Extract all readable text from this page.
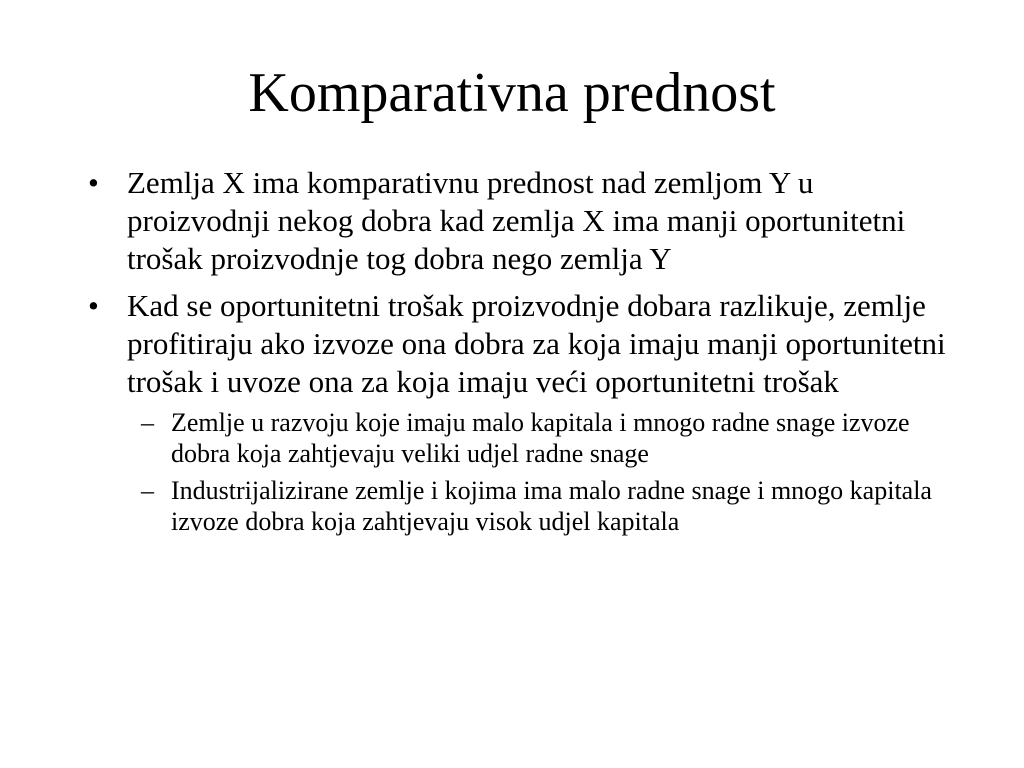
Komparativna prednost
• Zemlja X ima komparativnu prednost nad zemljom Y u proizvodnji nekog dobra kad zemlja X ima manji oportunitetni trošak proizvodnje tog dobra nego zemlja Y
• Kad se oportunitetni trošak proizvodnje dobara razlikuje, zemlje profitiraju ako izvoze ona dobra za koja imaju manji oportunitetni trošak i uvoze ona za koja imaju veći oportunitetni trošak
– Zemlje u razvoju koje imaju malo kapitala i mnogo radne snage izvoze dobra koja zahtjevaju veliki udjel radne snage
– Industrijalizirane zemlje i kojima ima malo radne snage i mnogo kapitala izvoze dobra koja zahtjevaju visok udjel kapitala
